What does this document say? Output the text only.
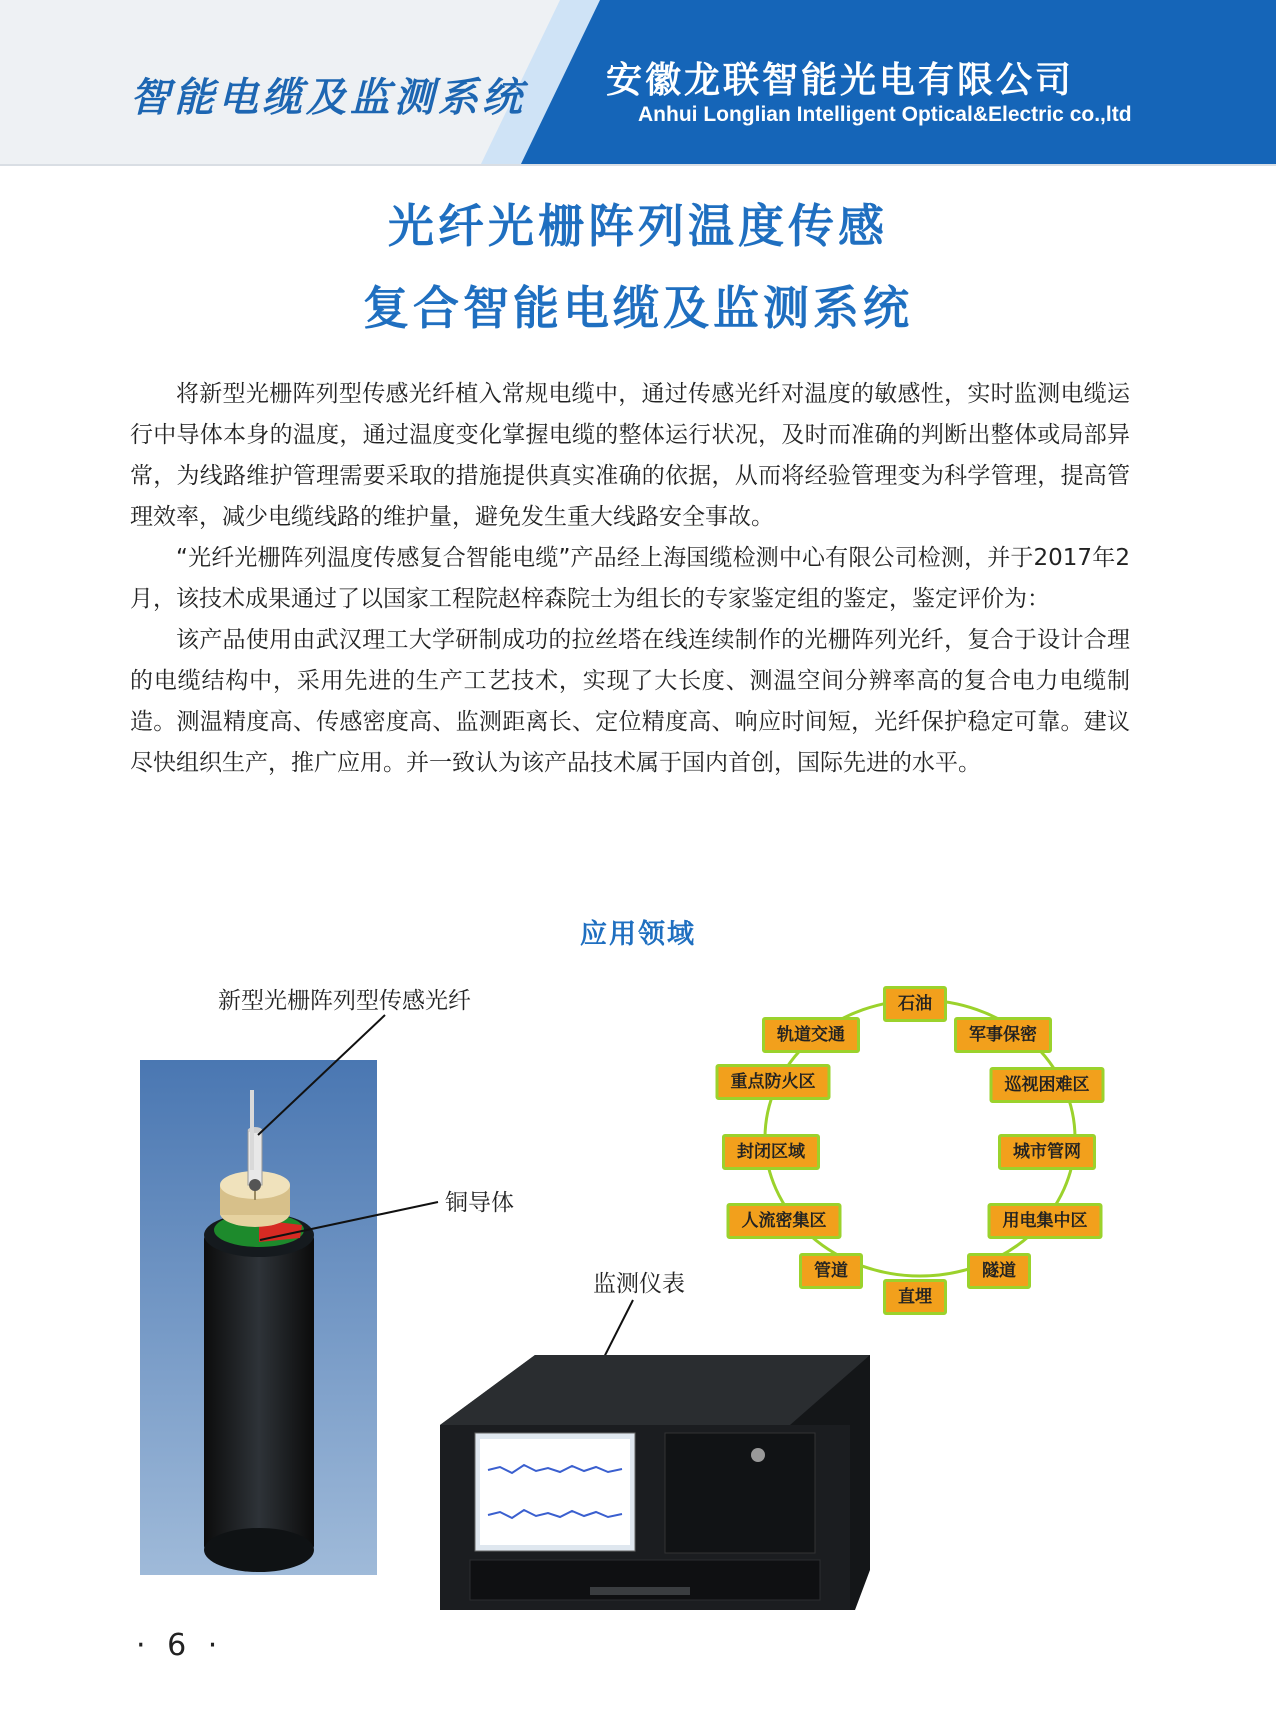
智能电缆及监测系统 安徽龙联智能光电有限公司
Anhui Longlian Intelligent Optical&Electric co.,ltd
光纤光栅阵列温度传感
复合智能电缆及监测系统

将新型光栅阵列型传感光纤植入常规电缆中，通过传感光纤对温度的敏感性，实时监测电缆运行中导体本身的温度，通过温度变化掌握电缆的整体运行状况，及时而准确的判断出整体或局部异常，为线路维护管理需要采取的措施提供真实准确的依据，从而将经验管理变为科学管理，提高管理效率，减少电缆线路的维护量，避免发生重大线路安全事故。

“光纤光栅阵列温度传感复合智能电缆”产品经上海国缆检测中心有限公司检测，并于2017年2月，该技术成果通过了以国家工程院赵梓森院士为组长的专家鉴定组的鉴定，鉴定评价为：

该产品使用由武汉理工大学研制成功的拉丝塔在线连续制作的光栅阵列光纤，复合于设计合理的电缆结构中，采用先进的生产工艺技术，实现了大长度、测温空间分辨率高的复合电力电缆制造。测温精度高、传感密度高、监测距离长、定位精度高、响应时间短，光纤保护稳定可靠。建议尽快组织生产，推广应用。并一致认为该产品技术属于国内首创，国际先进的水平。

应用领域
新型光栅阵列型传感光纤
铜导体
监测仪表
石油
军事保密
巡视困难区
城市管网
用电集中区
隧道
直埋
管道
人流密集区
封闭区域
重点防火区
轨道交通
· 6 ·
